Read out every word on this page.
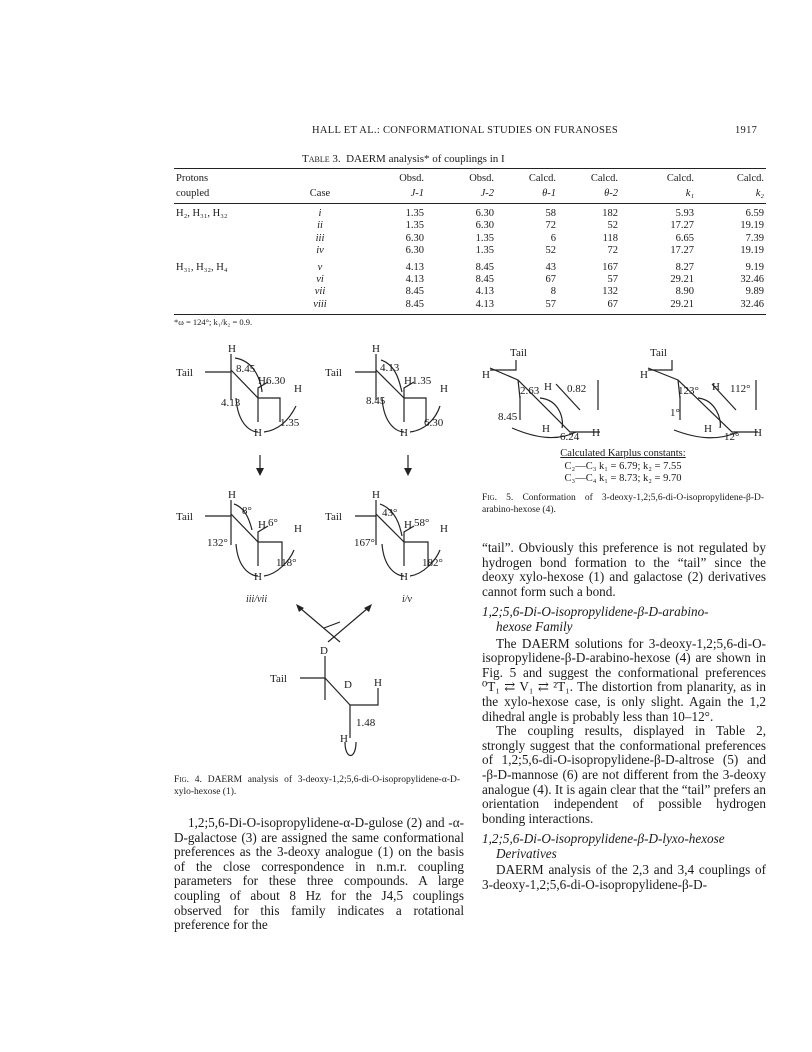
HALL ET AL.: CONFORMATIONAL STUDIES ON FURANOSES	1917
Table 3. DAERM analysis* of couplings in I
Protons		Obsd.	Obsd.	Calcd.	Calcd.	Calcd.	Calcd.
coupled	Case	J-1	J-2	θ-1	θ-2	k₁	k₂
H₂, H₃₁, H₃₂	i	1.35	6.30	58	182	5.93	6.59
	ii	1.35	6.30	72	52	17.27	19.19
	iii	6.30	1.35	6	118	6.65	7.39
	iv	6.30	1.35	52	72	17.27	19.19
H₃₁, H₃₂, H₄	v	4.13	8.45	43	167	8.27	9.19
	vi	4.13	8.45	67	57	29.21	32.46
	vii	8.45	4.13	8	132	8.90	9.89
	viii	8.45	4.13	57	67	29.21	32.46
*ω = 124°; k₁/k₂ = 0.9.
H
Tail	8.45
H 6.30
H
4.13
1.35
H
H
Tail	4.13
H 1.35
H
8.45
6.30
H
H
Tail	8°
H 6° H
132°
118°
H
iii/vii
H
Tail	43°
H 58° H
167°
182°
H
i/v
D
Tail	D H
1.48
H
Fig. 4. DAERM analysis of 3-deoxy-1,2;5,6-di-O-isopropylidene-α-D-xylo-hexose (1).
Tail
H
2.63 H 0.82
8.45
H
6.24 H
Tail
H
123° H 112°
1°
H
12° H
Calculated Karplus constants:
C₂—C₃ k₁ = 6.79; k₂ = 7.55
C₃—C₄ k₁ = 8.73; k₂ = 9.70
Fig. 5. Conformation of 3-deoxy-1,2;5,6-di-O-isopropylidene-β-D-arabino-hexose (4).

1,2;5,6-Di-O-isopropylidene-α-D-gulose (2) and -α-D-galactose (3) are assigned the same conformational preferences as the 3-deoxy analogue (1) on the basis of the close correspondence in n.m.r. coupling parameters for these three compounds. A large coupling of about 8 Hz for the J4,5 couplings observed for this family indicates a rotational preference for the

“tail”. Obviously this preference is not regulated by hydrogen bond formation to the “tail” since the deoxy xylo-hexose (1) and galactose (2) derivatives cannot form such a bond.

1,2;5,6-Di-O-isopropylidene-β-D-arabino-
hexose Family

The DAERM solutions for 3-deoxy-1,2;5,6-di-O-isopropylidene-β-D-arabino-hexose (4) are shown in Fig. 5 and suggest the conformational preferences ⁰T₁ ⇄ V₁ ⇄ ²T₁. The distortion from planarity, as in the xylo-hexose case, is only slight. Again the 1,2 dihedral angle is probably less than 10–12°.

The coupling results, displayed in Table 2, strongly suggest that the conformational preferences of 1,2;5,6-di-O-isopropylidene-β-D-altrose (5) and -β-D-mannose (6) are not different from the 3-deoxy analogue (4). It is again clear that the “tail” prefers an orientation independent of possible hydrogen bonding interactions.

1,2;5,6-Di-O-isopropylidene-β-D-lyxo-hexose
Derivatives

DAERM analysis of the 2,3 and 3,4 couplings of 3-deoxy-1,2;5,6-di-O-isopropylidene-β-D-
